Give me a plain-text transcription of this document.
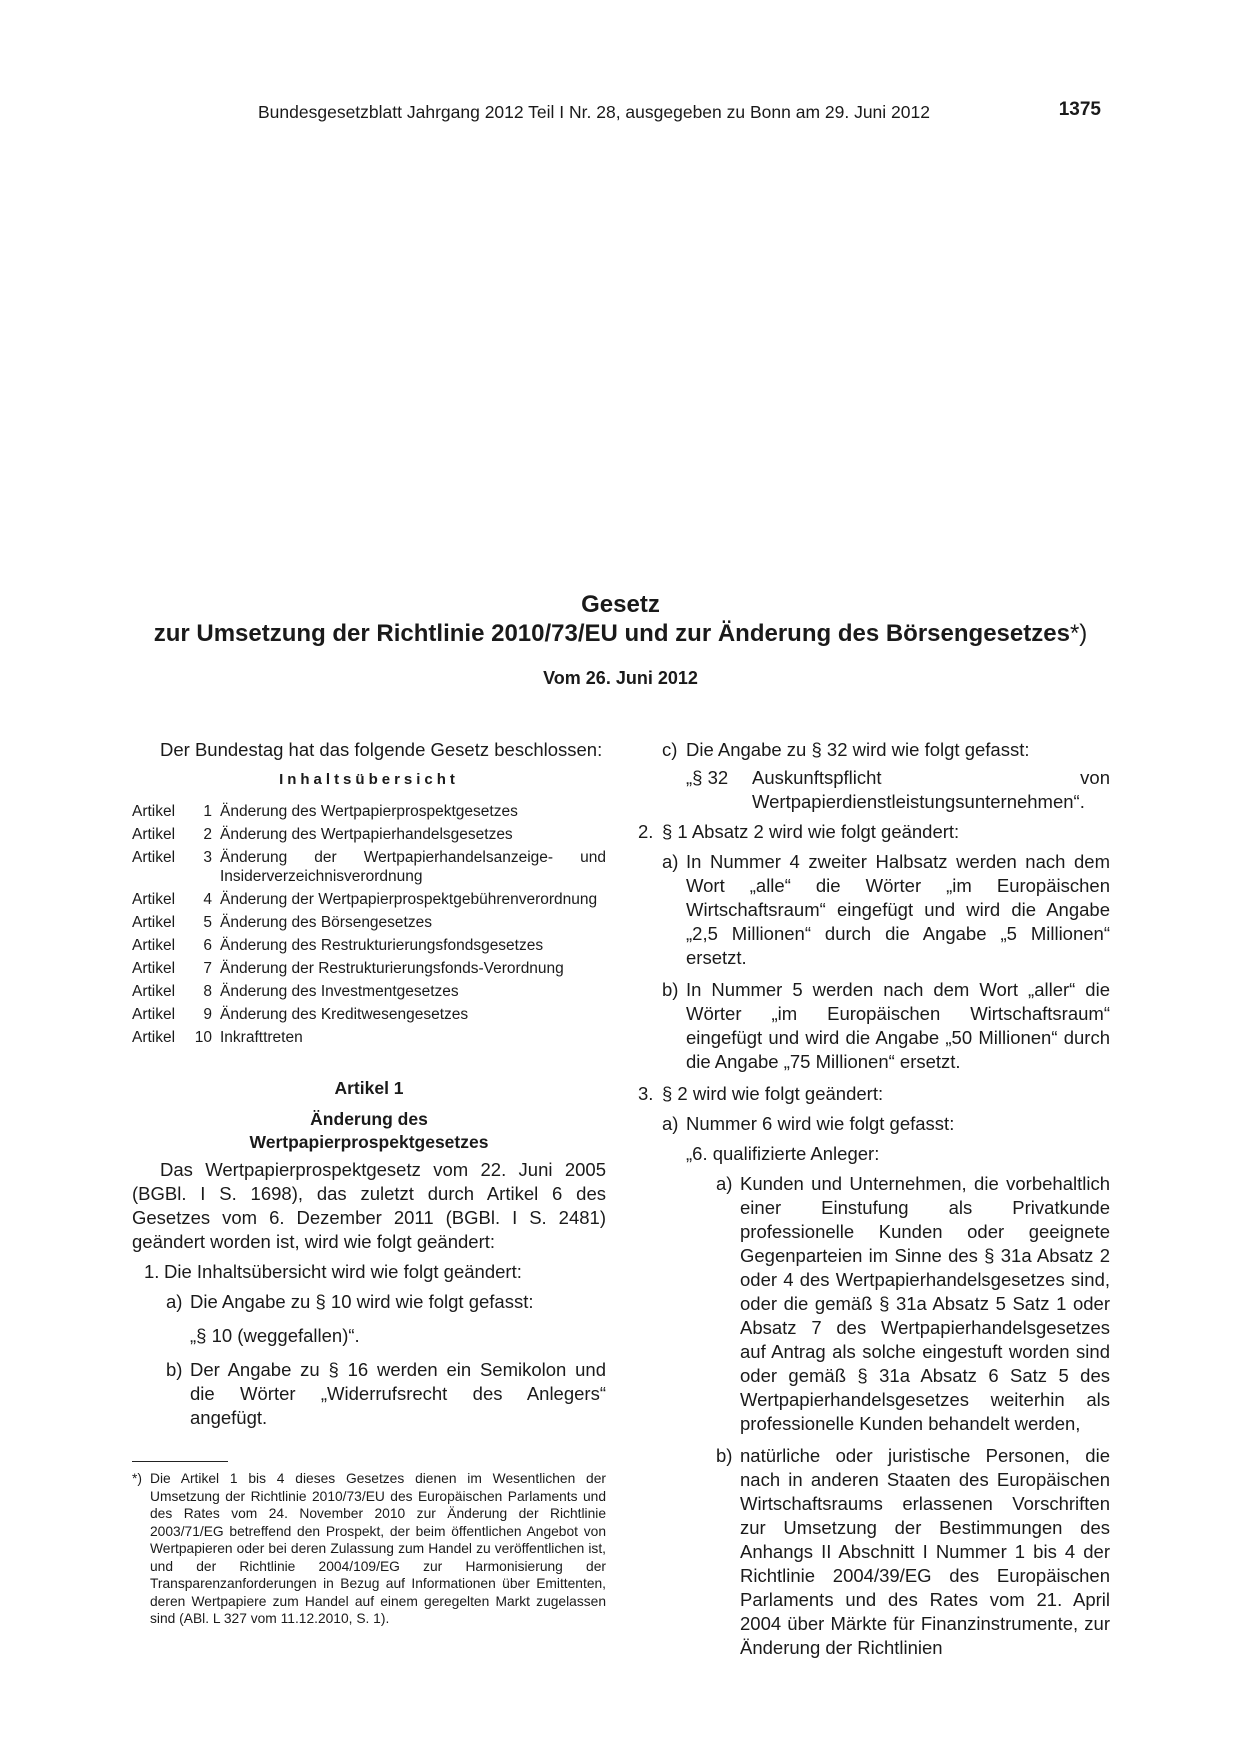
Bundesgesetzblatt Jahrgang 2012 Teil I Nr. 28, ausgegeben zu Bonn am 29. Juni 2012	1375
Gesetz
zur Umsetzung der Richtlinie 2010/73/EU und zur Änderung des Börsengesetzes*)
Vom 26. Juni 2012

Der Bundestag hat das folgende Gesetz beschlossen:

Inhaltsübersicht
Artikel	1 Änderung des Wertpapierprospektgesetzes
Artikel	2 Änderung des Wertpapierhandelsgesetzes
Artikel	3 Änderung der Wertpapierhandelsanzeige- und Insiderverzeichnisverordnung
Artikel	4 Änderung der Wertpapierprospektgebührenverordnung
Artikel	5 Änderung des Börsengesetzes
Artikel	6 Änderung des Restrukturierungsfondsgesetzes
Artikel	7 Änderung der Restrukturierungsfonds-Verordnung
Artikel	8 Änderung des Investmentgesetzes
Artikel	9 Änderung des Kreditwesengesetzes
Artikel	10 Inkrafttreten
Artikel 1
Änderung des
Wertpapierprospektgesetzes

Das Wertpapierprospektgesetz vom 22. Juni 2005 (BGBl. I S. 1698), das zuletzt durch Artikel 6 des Gesetzes vom 6. Dezember 2011 (BGBl. I S. 2481) geändert worden ist, wird wie folgt geändert:

1. Die Inhaltsübersicht wird wie folgt geändert:
a) Die Angabe zu § 10 wird wie folgt gefasst:
„§ 10 (weggefallen)“.
b) Der Angabe zu § 16 werden ein Semikolon und die Wörter „Widerrufsrecht des Anlegers“ angefügt.
*) Die Artikel 1 bis 4 dieses Gesetzes dienen im Wesentlichen der Umsetzung der Richtlinie 2010/73/EU des Europäischen Parlaments und des Rates vom 24. November 2010 zur Änderung der Richtlinie 2003/71/EG betreffend den Prospekt, der beim öffentlichen Angebot von Wertpapieren oder bei deren Zulassung zum Handel zu veröffentlichen ist, und der Richtlinie 2004/109/EG zur Harmonisierung der Transparenzanforderungen in Bezug auf Informationen über Emittenten, deren Wertpapiere zum Handel auf einem geregelten Markt zugelassen sind (ABl. L 327 vom 11.12.2010, S. 1).
c) Die Angabe zu § 32 wird wie folgt gefasst:
„§ 32	Auskunftspflicht von Wertpapierdienstleistungsunternehmen“.
2. § 1 Absatz 2 wird wie folgt geändert:
a) In Nummer 4 zweiter Halbsatz werden nach dem Wort „alle“ die Wörter „im Europäischen Wirtschaftsraum“ eingefügt und wird die Angabe „2,5 Millionen“ durch die Angabe „5 Millionen“ ersetzt.
b) In Nummer 5 werden nach dem Wort „aller“ die Wörter „im Europäischen Wirtschaftsraum“ eingefügt und wird die Angabe „50 Millionen“ durch die Angabe „75 Millionen“ ersetzt.
3. § 2 wird wie folgt geändert:
a) Nummer 6 wird wie folgt gefasst:
„6. qualifizierte Anleger:
a) Kunden und Unternehmen, die vorbehaltlich einer Einstufung als Privatkunde professionelle Kunden oder geeignete Gegenparteien im Sinne des § 31a Absatz 2 oder 4 des Wertpapierhandelsgesetzes sind, oder die gemäß § 31a Absatz 5 Satz 1 oder Absatz 7 des Wertpapierhandelsgesetzes auf Antrag als solche eingestuft worden sind oder gemäß § 31a Absatz 6 Satz 5 des Wertpapierhandelsgesetzes weiterhin als professionelle Kunden behandelt werden,
b) natürliche oder juristische Personen, die nach in anderen Staaten des Europäischen Wirtschaftsraums erlassenen Vorschriften zur Umsetzung der Bestimmungen des Anhangs II Abschnitt I Nummer 1 bis 4 der Richtlinie 2004/39/EG des Europäischen Parlaments und des Rates vom 21. April 2004 über Märkte für Finanzinstrumente, zur Änderung der Richtlinien
